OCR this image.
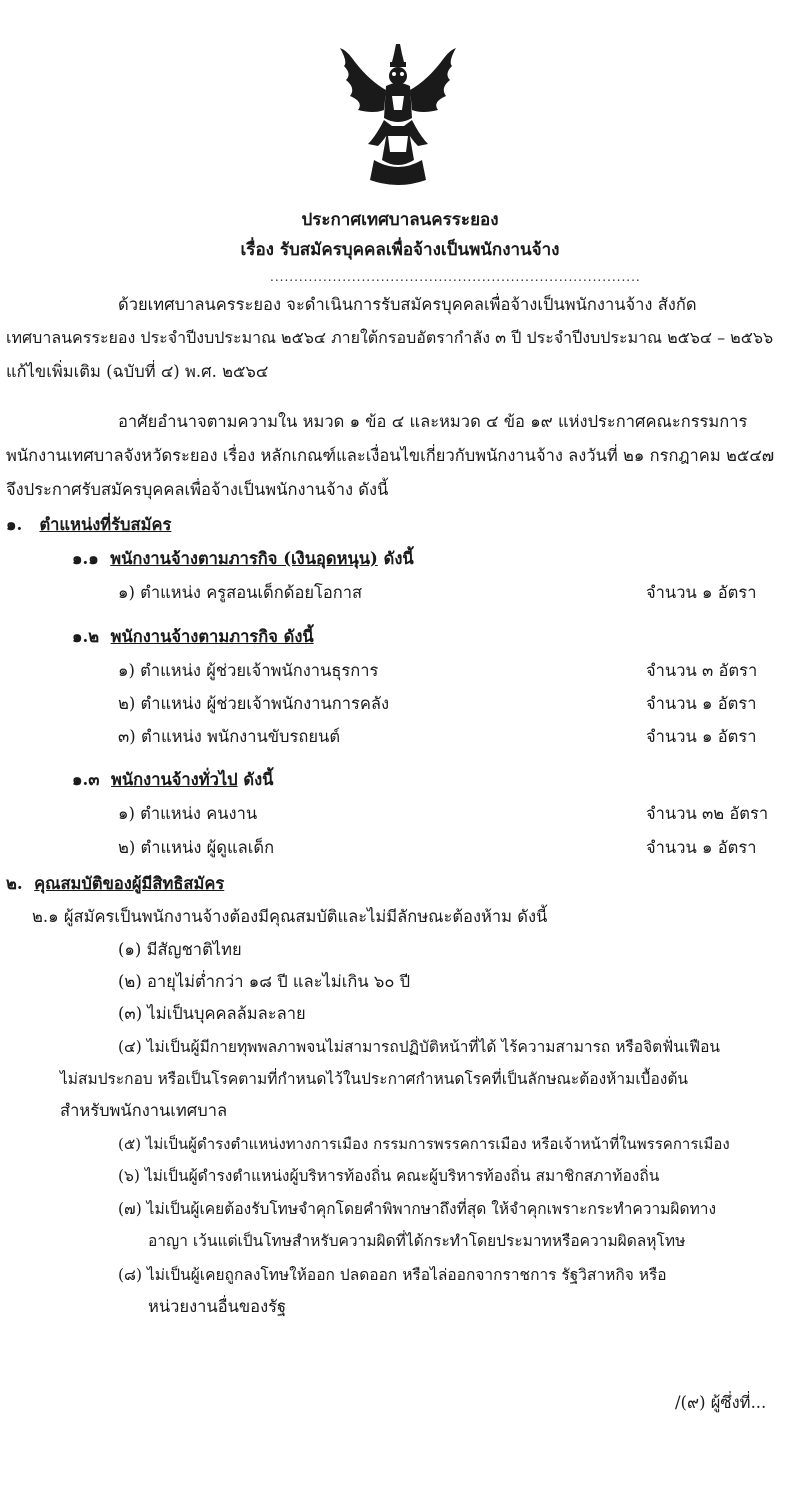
ประกาศเทศบาลนครระยอง
เรื่อง รับสมัครบุคคลเพื่อจ้างเป็นพนักงานจ้าง
.............................................................................
ด้วยเทศบาลนครระยอง จะดำเนินการรับสมัครบุคคลเพื่อจ้างเป็นพนักงานจ้าง สังกัด
เทศบาลนครระยอง ประจำปีงบประมาณ ๒๕๖๔ ภายใต้กรอบอัตรากำลัง ๓ ปี ประจำปีงบประมาณ ๒๕๖๔ – ๒๕๖๖
แก้ไขเพิ่มเติม (ฉบับที่ ๔) พ.ศ. ๒๕๖๔
อาศัยอำนาจตามความใน หมวด ๑ ข้อ ๔ และหมวด ๔ ข้อ ๑๙ แห่งประกาศคณะกรรมการ
พนักงานเทศบาลจังหวัดระยอง เรื่อง หลักเกณฑ์และเงื่อนไขเกี่ยวกับพนักงานจ้าง ลงวันที่ ๒๑ กรกฎาคม ๒๕๔๗
จึงประกาศรับสมัครบุคคลเพื่อจ้างเป็นพนักงานจ้าง ดังนี้
๑. ตำแหน่งที่รับสมัคร
๑.๑ พนักงานจ้างตามภารกิจ (เงินอุดหนุน) ดังนี้
๑) ตำแหน่ง ครูสอนเด็กด้อยโอกาส	จำนวน ๑ อัตรา
๑.๒ พนักงานจ้างตามภารกิจ ดังนี้
๑) ตำแหน่ง ผู้ช่วยเจ้าพนักงานธุรการ	จำนวน ๓ อัตรา
๒) ตำแหน่ง ผู้ช่วยเจ้าพนักงานการคลัง	จำนวน ๑ อัตรา
๓) ตำแหน่ง พนักงานขับรถยนต์	จำนวน ๑ อัตรา
๑.๓ พนักงานจ้างทั่วไป ดังนี้
๑) ตำแหน่ง คนงาน	จำนวน ๓๒ อัตรา
๒) ตำแหน่ง ผู้ดูแลเด็ก	จำนวน ๑ อัตรา
๒. คุณสมบัติของผู้มีสิทธิสมัคร
๒.๑ ผู้สมัครเป็นพนักงานจ้างต้องมีคุณสมบัติและไม่มีลักษณะต้องห้าม ดังนี้
(๑) มีสัญชาติไทย
(๒) อายุไม่ต่ำกว่า ๑๘ ปี และไม่เกิน ๖๐ ปี
(๓) ไม่เป็นบุคคลล้มละลาย
(๔) ไม่เป็นผู้มีกายทุพพลภาพจนไม่สามารถปฏิบัติหน้าที่ได้ ไร้ความสามารถ หรือจิตฟั่นเฟือน
ไม่สมประกอบ หรือเป็นโรคตามที่กำหนดไว้ในประกาศกำหนดโรคที่เป็นลักษณะต้องห้ามเบื้องต้น
สำหรับพนักงานเทศบาล
(๕) ไม่เป็นผู้ดำรงตำแหน่งทางการเมือง กรรมการพรรคการเมือง หรือเจ้าหน้าที่ในพรรคการเมือง
(๖) ไม่เป็นผู้ดำรงตำแหน่งผู้บริหารท้องถิ่น คณะผู้บริหารท้องถิ่น สมาชิกสภาท้องถิ่น
(๗) ไม่เป็นผู้เคยต้องรับโทษจำคุกโดยคำพิพากษาถึงที่สุด ให้จำคุกเพราะกระทำความผิดทาง
อาญา เว้นแต่เป็นโทษสำหรับความผิดที่ได้กระทำโดยประมาทหรือความผิดลหุโทษ
(๘) ไม่เป็นผู้เคยถูกลงโทษให้ออก ปลดออก หรือไล่ออกจากราชการ รัฐวิสาหกิจ หรือ
หน่วยงานอื่นของรัฐ
/(๙) ผู้ซึ่งที่...
